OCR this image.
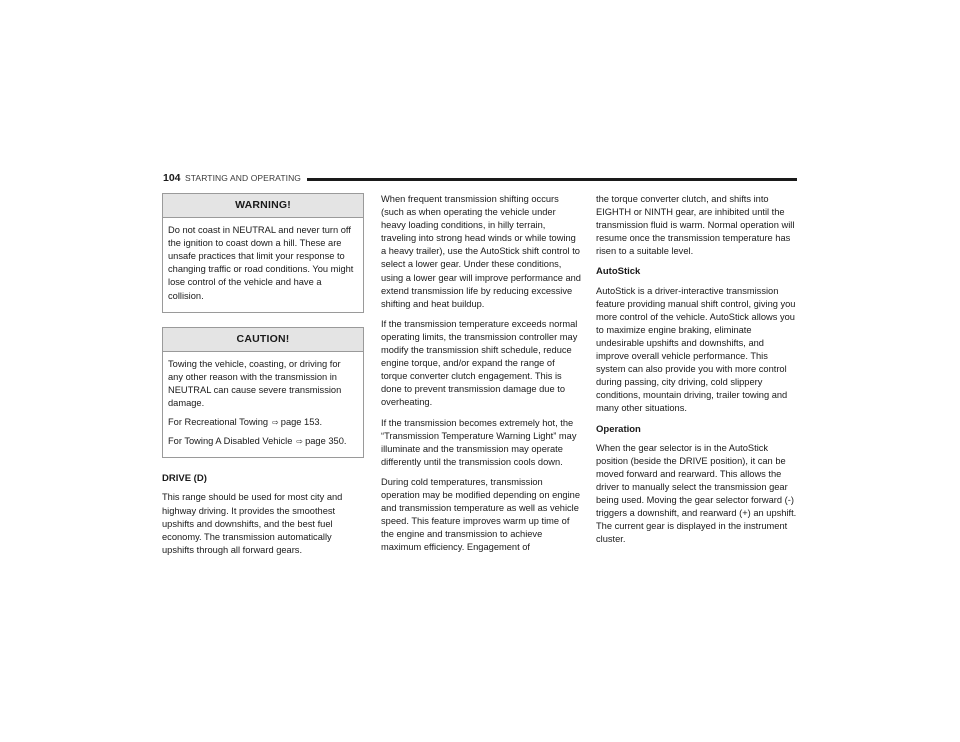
104 STARTING AND OPERATING
WARNING!

Do not coast in NEUTRAL and never turn off the ignition to coast down a hill. These are unsafe practices that limit your response to changing traffic or road conditions. You might lose control of the vehicle and have a collision.

CAUTION!

Towing the vehicle, coasting, or driving for any other reason with the transmission in NEUTRAL can cause severe transmission damage.

For Recreational Towing ⇨ page 153.

For Towing A Disabled Vehicle ⇨ page 350.

DRIVE (D)

This range should be used for most city and highway driving. It provides the smoothest upshifts and downshifts, and the best fuel economy. The transmission automatically upshifts through all forward gears.

When frequent transmission shifting occurs (such as when operating the vehicle under heavy loading conditions, in hilly terrain, traveling into strong head winds or while towing a heavy trailer), use the AutoStick shift control to select a lower gear. Under these conditions, using a lower gear will improve performance and extend transmission life by reducing excessive shifting and heat buildup.

If the transmission temperature exceeds normal operating limits, the transmission controller may modify the transmission shift schedule, reduce engine torque, and/or expand the range of torque converter clutch engagement. This is done to prevent transmission damage due to overheating.

If the transmission becomes extremely hot, the “Transmission Temperature Warning Light” may illuminate and the transmission may operate differently until the transmission cools down.

During cold temperatures, transmission operation may be modified depending on engine and transmission temperature as well as vehicle speed. This feature improves warm up time of the engine and transmission to achieve maximum efficiency. Engagement of

the torque converter clutch, and shifts into EIGHTH or NINTH gear, are inhibited until the transmission fluid is warm. Normal operation will resume once the transmission temperature has risen to a suitable level.

AutoStick

AutoStick is a driver-interactive transmission feature providing manual shift control, giving you more control of the vehicle. AutoStick allows you to maximize engine braking, eliminate undesirable upshifts and downshifts, and improve overall vehicle performance. This system can also provide you with more control during passing, city driving, cold slippery conditions, mountain driving, trailer towing and many other situations.

Operation

When the gear selector is in the AutoStick position (beside the DRIVE position), it can be moved forward and rearward. This allows the driver to manually select the transmission gear being used. Moving the gear selector forward (-) triggers a downshift, and rearward (+) an upshift. The current gear is displayed in the instrument cluster.
